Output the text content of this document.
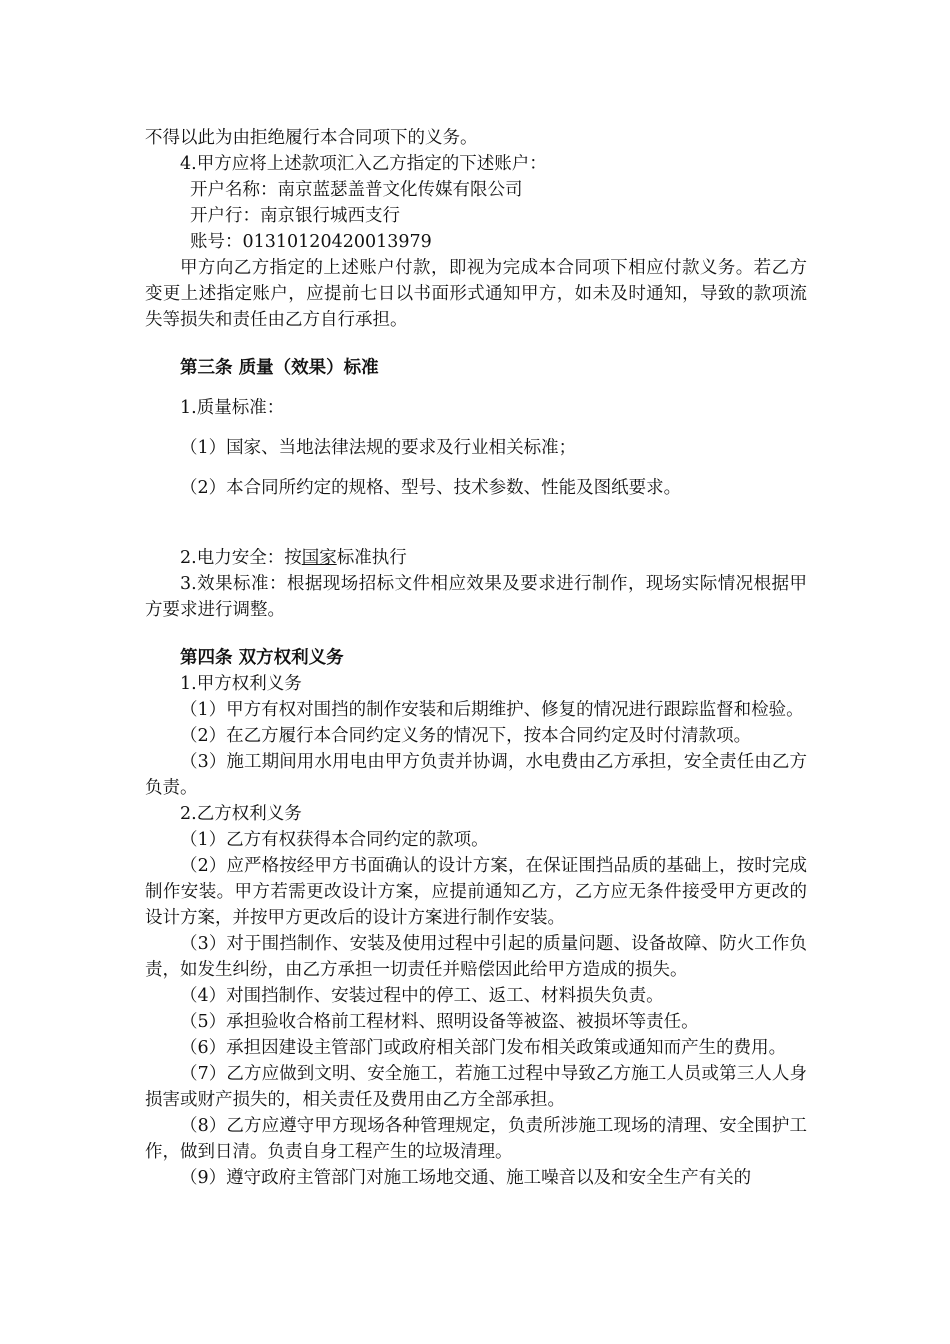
不得以此为由拒绝履行本合同项下的义务。
4.甲方应将上述款项汇入乙方指定的下述账户：
开户名称：南京蓝瑟盖普文化传媒有限公司
开户行：南京银行城西支行
账号：01310120420013979
甲方向乙方指定的上述账户付款，即视为完成本合同项下相应付款义务。若乙方变更上述指定账户，应提前七日以书面形式通知甲方，如未及时通知，导致的款项流失等损失和责任由乙方自行承担。
第三条 质量（效果）标准
1.质量标准：
（1）国家、当地法律法规的要求及行业相关标准；
（2）本合同所约定的规格、型号、技术参数、性能及图纸要求。
2.电力安全：按国家标准执行
3.效果标准：根据现场招标文件相应效果及要求进行制作，现场实际情况根据甲方要求进行调整。
第四条 双方权利义务
1.甲方权利义务
（1）甲方有权对围挡的制作安装和后期维护、修复的情况进行跟踪监督和检验。
（2）在乙方履行本合同约定义务的情况下，按本合同约定及时付清款项。
（3）施工期间用水用电由甲方负责并协调，水电费由乙方承担，安全责任由乙方负责。
2.乙方权利义务
（1）乙方有权获得本合同约定的款项。
（2）应严格按经甲方书面确认的设计方案，在保证围挡品质的基础上，按时完成制作安装。甲方若需更改设计方案，应提前通知乙方，乙方应无条件接受甲方更改的设计方案，并按甲方更改后的设计方案进行制作安装。
（3）对于围挡制作、安装及使用过程中引起的质量问题、设备故障、防火工作负责，如发生纠纷，由乙方承担一切责任并赔偿因此给甲方造成的损失。
（4）对围挡制作、安装过程中的停工、返工、材料损失负责。
（5）承担验收合格前工程材料、照明设备等被盗、被损坏等责任。
（6）承担因建设主管部门或政府相关部门发布相关政策或通知而产生的费用。
（7）乙方应做到文明、安全施工，若施工过程中导致乙方施工人员或第三人人身损害或财产损失的，相关责任及费用由乙方全部承担。
（8）乙方应遵守甲方现场各种管理规定，负责所涉施工现场的清理、安全围护工作，做到日清。负责自身工程产生的垃圾清理。
（9）遵守政府主管部门对施工场地交通、施工噪音以及和安全生产有关的
